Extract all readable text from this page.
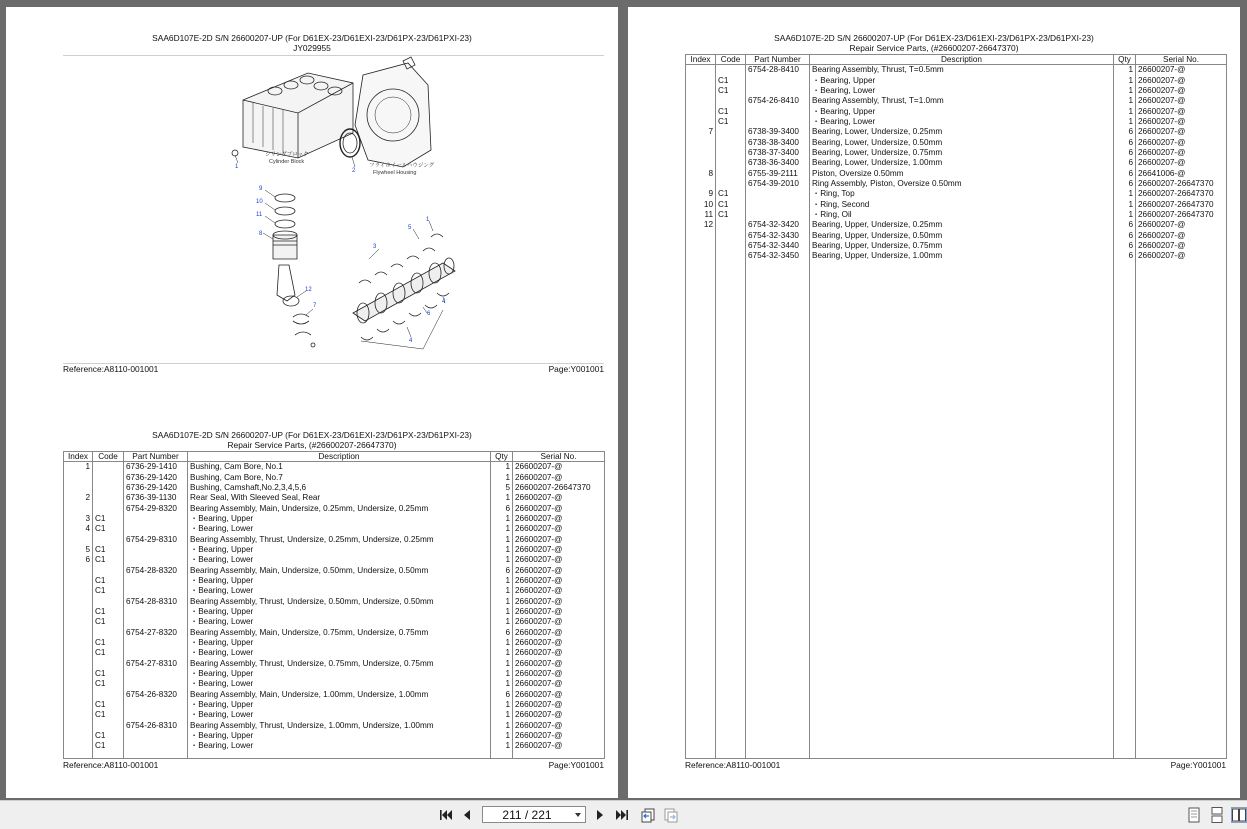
SAA6D107E-2D S/N 26600207-UP (For D61EX-23/D61EXI-23/D61PX-23/D61PXI-23)
JY029955
シリンダブロック
Cylinder Block
フライホイールハウジング
Flywheel Housing
1
2
9
10
11
8
3
5
1
12
7
6
4
4
Reference:A8110-001001	Page:Y001001
SAA6D107E-2D S/N 26600207-UP (For D61EX-23/D61EXI-23/D61PX-23/D61PXI-23)
Repair Service Parts, (#26600207-26647370)
Index	Code	Part Number	Description	Qty	Serial No.
1		6736-29-1410	Bushing, Cam Bore, No.1	1	26600207-@
		6736-29-1420	Bushing, Cam Bore, No.7	1	26600207-@
		6736-29-1420	Bushing, Camshaft,No.2,3,4,5,6	5	26600207-26647370
2		6736-39-1130	Rear Seal, With Sleeved Seal, Rear	1	26600207-@
		6754-29-8320	Bearing Assembly, Main, Undersize, 0.25mm, Undersize, 0.25mm	6	26600207-@
3	C1		・Bearing, Upper	1	26600207-@
4	C1		・Bearing, Lower	1	26600207-@
		6754-29-8310	Bearing Assembly, Thrust, Undersize, 0.25mm, Undersize, 0.25mm	1	26600207-@
5	C1		・Bearing, Upper	1	26600207-@
6	C1		・Bearing, Lower	1	26600207-@
		6754-28-8320	Bearing Assembly, Main, Undersize, 0.50mm, Undersize, 0.50mm	6	26600207-@
	C1		・Bearing, Upper	1	26600207-@
	C1		・Bearing, Lower	1	26600207-@
		6754-28-8310	Bearing Assembly, Thrust, Undersize, 0.50mm, Undersize, 0.50mm	1	26600207-@
	C1		・Bearing, Upper	1	26600207-@
	C1		・Bearing, Lower	1	26600207-@
		6754-27-8320	Bearing Assembly, Main, Undersize, 0.75mm, Undersize, 0.75mm	6	26600207-@
	C1		・Bearing, Upper	1	26600207-@
	C1		・Bearing, Lower	1	26600207-@
		6754-27-8310	Bearing Assembly, Thrust, Undersize, 0.75mm, Undersize, 0.75mm	1	26600207-@
	C1		・Bearing, Upper	1	26600207-@
	C1		・Bearing, Lower	1	26600207-@
		6754-26-8320	Bearing Assembly, Main, Undersize, 1.00mm, Undersize, 1.00mm	6	26600207-@
	C1		・Bearing, Upper	1	26600207-@
	C1		・Bearing, Lower	1	26600207-@
		6754-26-8310	Bearing Assembly, Thrust, Undersize, 1.00mm, Undersize, 1.00mm	1	26600207-@
	C1		・Bearing, Upper	1	26600207-@
	C1		・Bearing, Lower	1	26600207-@

Reference:A8110-001001	Page:Y001001
SAA6D107E-2D S/N 26600207-UP (For D61EX-23/D61EXI-23/D61PX-23/D61PXI-23)
Repair Service Parts, (#26600207-26647370)
Index	Code	Part Number	Description	Qty	Serial No.
		6754-28-8410	Bearing Assembly, Thrust, T=0.5mm	1	26600207-@
	C1		・Bearing, Upper	1	26600207-@
	C1		・Bearing, Lower	1	26600207-@
		6754-26-8410	Bearing Assembly, Thrust, T=1.0mm	1	26600207-@
	C1		・Bearing, Upper	1	26600207-@
	C1		・Bearing, Lower	1	26600207-@
7		6738-39-3400	Bearing, Lower, Undersize, 0.25mm	6	26600207-@
		6738-38-3400	Bearing, Lower, Undersize, 0.50mm	6	26600207-@
		6738-37-3400	Bearing, Lower, Undersize, 0.75mm	6	26600207-@
		6738-36-3400	Bearing, Lower, Undersize, 1.00mm	6	26600207-@
8		6755-39-2111	Piston, Oversize 0.50mm	6	26641006-@
		6754-39-2010	Ring Assembly, Piston, Oversize 0.50mm	6	26600207-26647370
9	C1		・Ring, Top	1	26600207-26647370
10	C1		・Ring, Second	1	26600207-26647370
11	C1		・Ring, Oil	1	26600207-26647370
12		6754-32-3420	Bearing, Upper, Undersize, 0.25mm	6	26600207-@
		6754-32-3430	Bearing, Upper, Undersize, 0.50mm	6	26600207-@
		6754-32-3440	Bearing, Upper, Undersize, 0.75mm	6	26600207-@
		6754-32-3450	Bearing, Upper, Undersize, 1.00mm	6	26600207-@

Reference:A8110-001001	Page:Y001001
211 / 221
